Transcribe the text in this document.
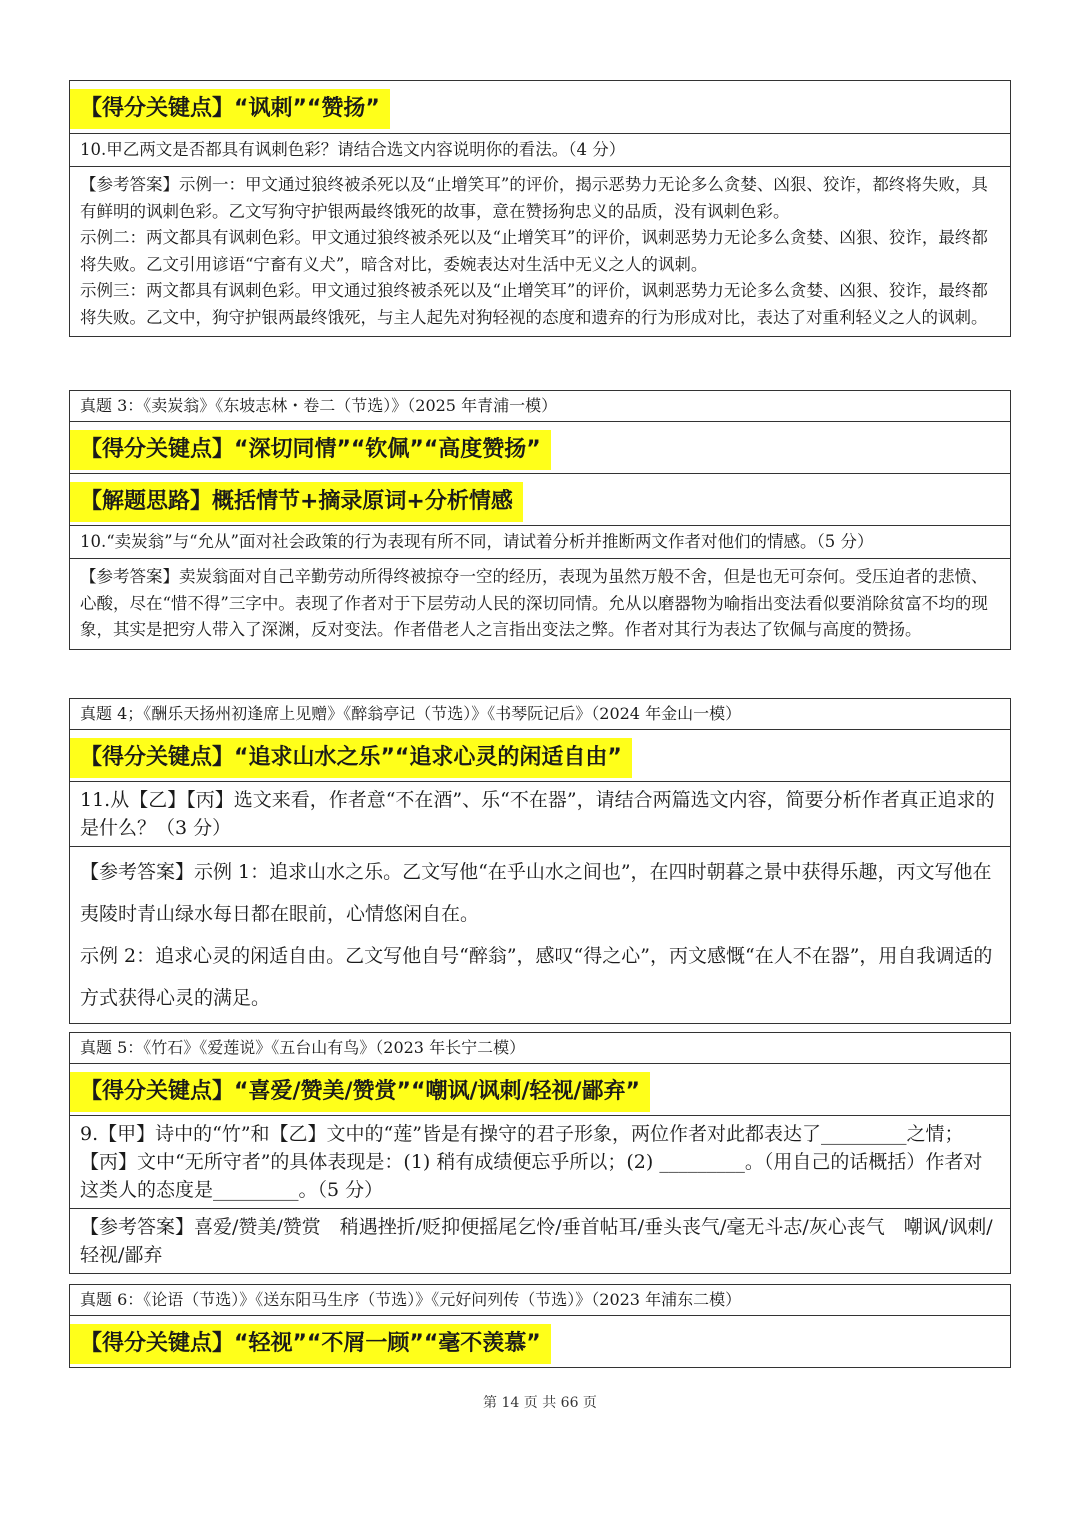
【得分关键点】“讽刺”“赞扬”
10.甲乙两文是否都具有讽刺色彩？请结合选文内容说明你的看法。（4 分）

【参考答案】示例一：甲文通过狼终被杀死以及“止增笑耳”的评价，揭示恶势力无论多么贪婪、凶狠、狡诈，都终将失败，具有鲜明的讽刺色彩。乙文写狗守护银两最终饿死的故事，意在赞扬狗忠义的品质，没有讽刺色彩。

示例二：两文都具有讽刺色彩。甲文通过狼终被杀死以及“止增笑耳”的评价，讽刺恶势力无论多么贪婪、凶狠、狡诈，最终都将失败。乙文引用谚语“宁畜有义犬”，暗含对比，委婉表达对生活中无义之人的讽刺。

示例三：两文都具有讽刺色彩。甲文通过狼终被杀死以及“止增笑耳”的评价，讽刺恶势力无论多么贪婪、凶狠、狡诈，最终都将失败。乙文中，狗守护银两最终饿死，与主人起先对狗轻视的态度和遗弃的行为形成对比，表达了对重利轻义之人的讽刺。

真题 3：《卖炭翁》《东坡志林・卷二（节选）》（2025 年青浦一模）
【得分关键点】“深切同情”“钦佩”“高度赞扬”
【解题思路】概括情节+摘录原词+分析情感
10.“卖炭翁”与“允从”面对社会政策的行为表现有所不同，请试着分析并推断两文作者对他们的情感。（5 分）
【参考答案】卖炭翁面对自己辛勤劳动所得终被掠夺一空的经历，表现为虽然万般不舍，但是也无可奈何。受压迫者的悲愤、心酸，尽在“惜不得”三字中。表现了作者对于下层劳动人民的深切同情。允从以磨器物为喻指出变法看似要消除贫富不均的现象，其实是把穷人带入了深渊，反对变法。作者借老人之言指出变法之弊。作者对其行为表达了钦佩与高度的赞扬。
真题 4；《酬乐天扬州初逢席上见赠》《醉翁亭记（节选）》《书琴阮记后》（2024 年金山一模）
【得分关键点】“追求山水之乐”“追求心灵的闲适自由”
11.从【乙】【丙】选文来看，作者意“不在酒”、乐“不在器”，请结合两篇选文内容，简要分析作者真正追求的是什么？（3 分）

【参考答案】示例 1：追求山水之乐。乙文写他“在乎山水之间也”，在四时朝暮之景中获得乐趣，丙文写他在夷陵时青山绿水每日都在眼前，心情悠闲自在。

示例 2：追求心灵的闲适自由。乙文写他自号“醉翁”，感叹“得之心”，丙文感慨“在人不在器”，用自我调适的方式获得心灵的满足。

真题 5：《竹石》《爱莲说》《五台山有鸟》（2023 年长宁二模）
【得分关键点】“喜爱/赞美/赞赏”“嘲讽/讽刺/轻视/鄙弃”
9.【甲】诗中的“竹”和【乙】文中的“莲”皆是有操守的君子形象，两位作者对此都表达了_________之情；【丙】文中“无所守者”的具体表现是：(1) 稍有成绩便忘乎所以；(2) _________。（用自己的话概括）作者对这类人的态度是_________。（5 分）
【参考答案】喜爱/赞美/赞赏　稍遇挫折/贬抑便摇尾乞怜/垂首帖耳/垂头丧气/毫无斗志/灰心丧气　嘲讽/讽刺/轻视/鄙弃
真题 6：《论语（节选）》《送东阳马生序（节选）》《元好问列传（节选）》（2023 年浦东二模）
【得分关键点】“轻视”“不屑一顾”“毫不羡慕”
第 14 页 共 66 页
